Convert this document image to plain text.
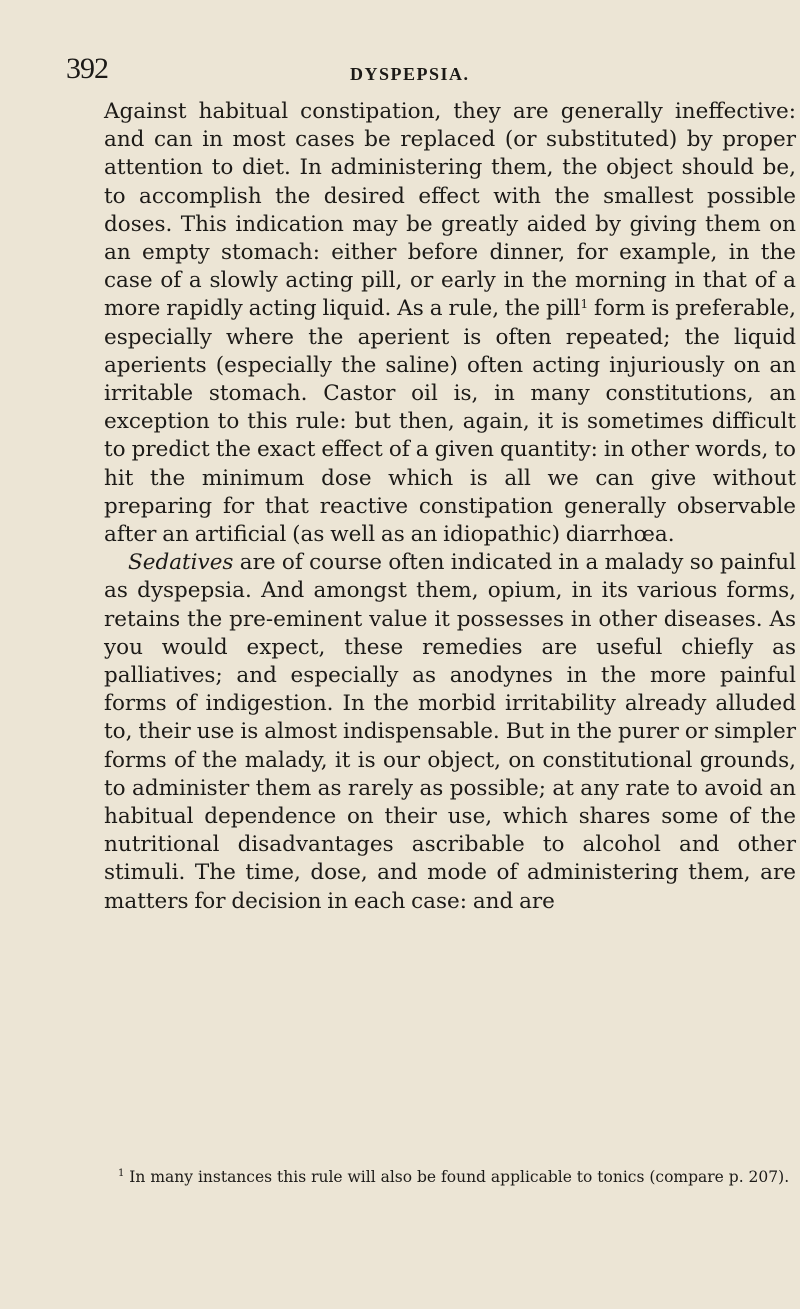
392	DYSPEPSIA.

Against habitual constipation, they are generally ineffective: and can in most cases be replaced (or substituted) by proper attention to diet. In administering them, the object should be, to accomplish the desired effect with the smallest possible doses. This indication may be greatly aided by giving them on an empty stomach: either before dinner, for example, in the case of a slowly acting pill, or early in the morning in that of a more rapidly acting liquid. As a rule, the pill$^1$ form is preferable, especially where the aperient is often repeated; the liquid aperients (especially the saline) often acting injuriously on an irritable stomach. Castor oil is, in many constitutions, an exception to this rule: but then, again, it is sometimes difficult to predict the exact effect of a given quantity: in other words, to hit the minimum dose which is all we can give without preparing for that reactive constipation generally observable after an artificial (as well as an idiopathic) diarrhœa.

Sedatives are of course often indicated in a malady so painful as dyspepsia. And amongst them, opium, in its various forms, retains the pre-eminent value it possesses in other diseases. As you would expect, these remedies are useful chiefly as palliatives; and especially as anodynes in the more painful forms of indigestion. In the morbid irritability already alluded to, their use is almost indispensable. But in the purer or simpler forms of the malady, it is our object, on constitutional grounds, to administer them as rarely as possible; at any rate to avoid an habitual dependence on their use, which shares some of the nutritional disadvantages ascribable to alcohol and other stimuli. The time, dose, and mode of administering them, are matters for decision in each case: and are

$^1$ In many instances this rule will also be found applicable to tonics (compare p. 207).
